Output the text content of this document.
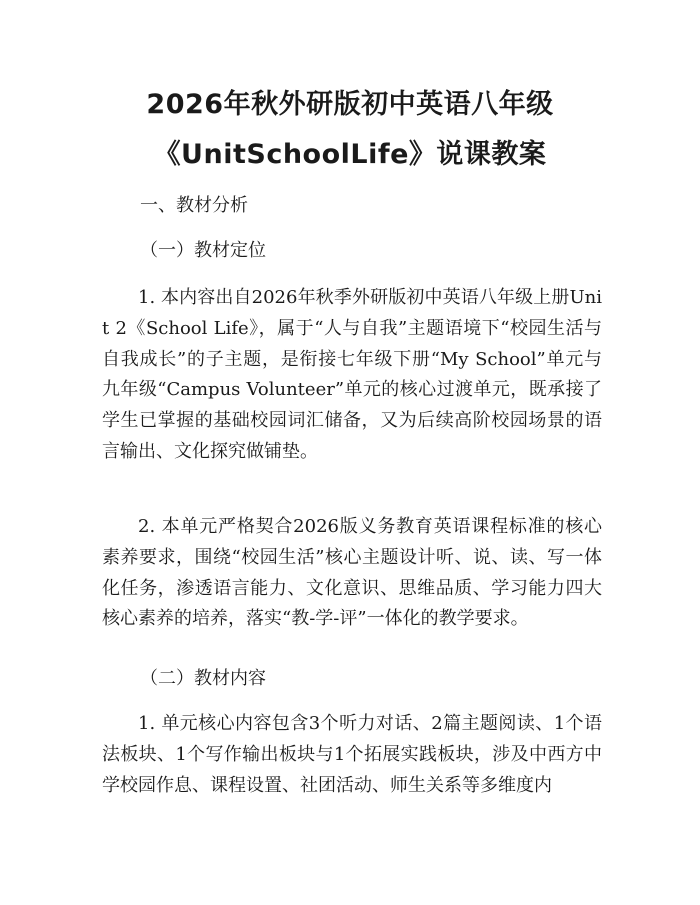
2026年秋外研版初中英语八年级
《UnitSchoolLife》说课教案
一、教材分析
（一）教材定位

1. 本内容出自2026年秋季外研版初中英语八年级上册Unit 2《School Life》，属于“人与自我”主题语境下“校园生活与自我成长”的子主题，是衔接七年级下册“My School”单元与九年级“Campus Volunteer”单元的核心过渡单元，既承接了学生已掌握的基础校园词汇储备，又为后续高阶校园场景的语言输出、文化探究做铺垫。

2. 本单元严格契合2026版义务教育英语课程标准的核心素养要求，围绕“校园生活”核心主题设计听、说、读、写一体化任务，渗透语言能力、文化意识、思维品质、学习能力四大核心素养的培养，落实“教-学-评”一体化的教学要求。

（二）教材内容

1. 单元核心内容包含3个听力对话、2篇主题阅读、1个语法板块、1个写作输出板块与1个拓展实践板块，涉及中西方中学校园作息、课程设置、社团活动、师生关系等多维度内
